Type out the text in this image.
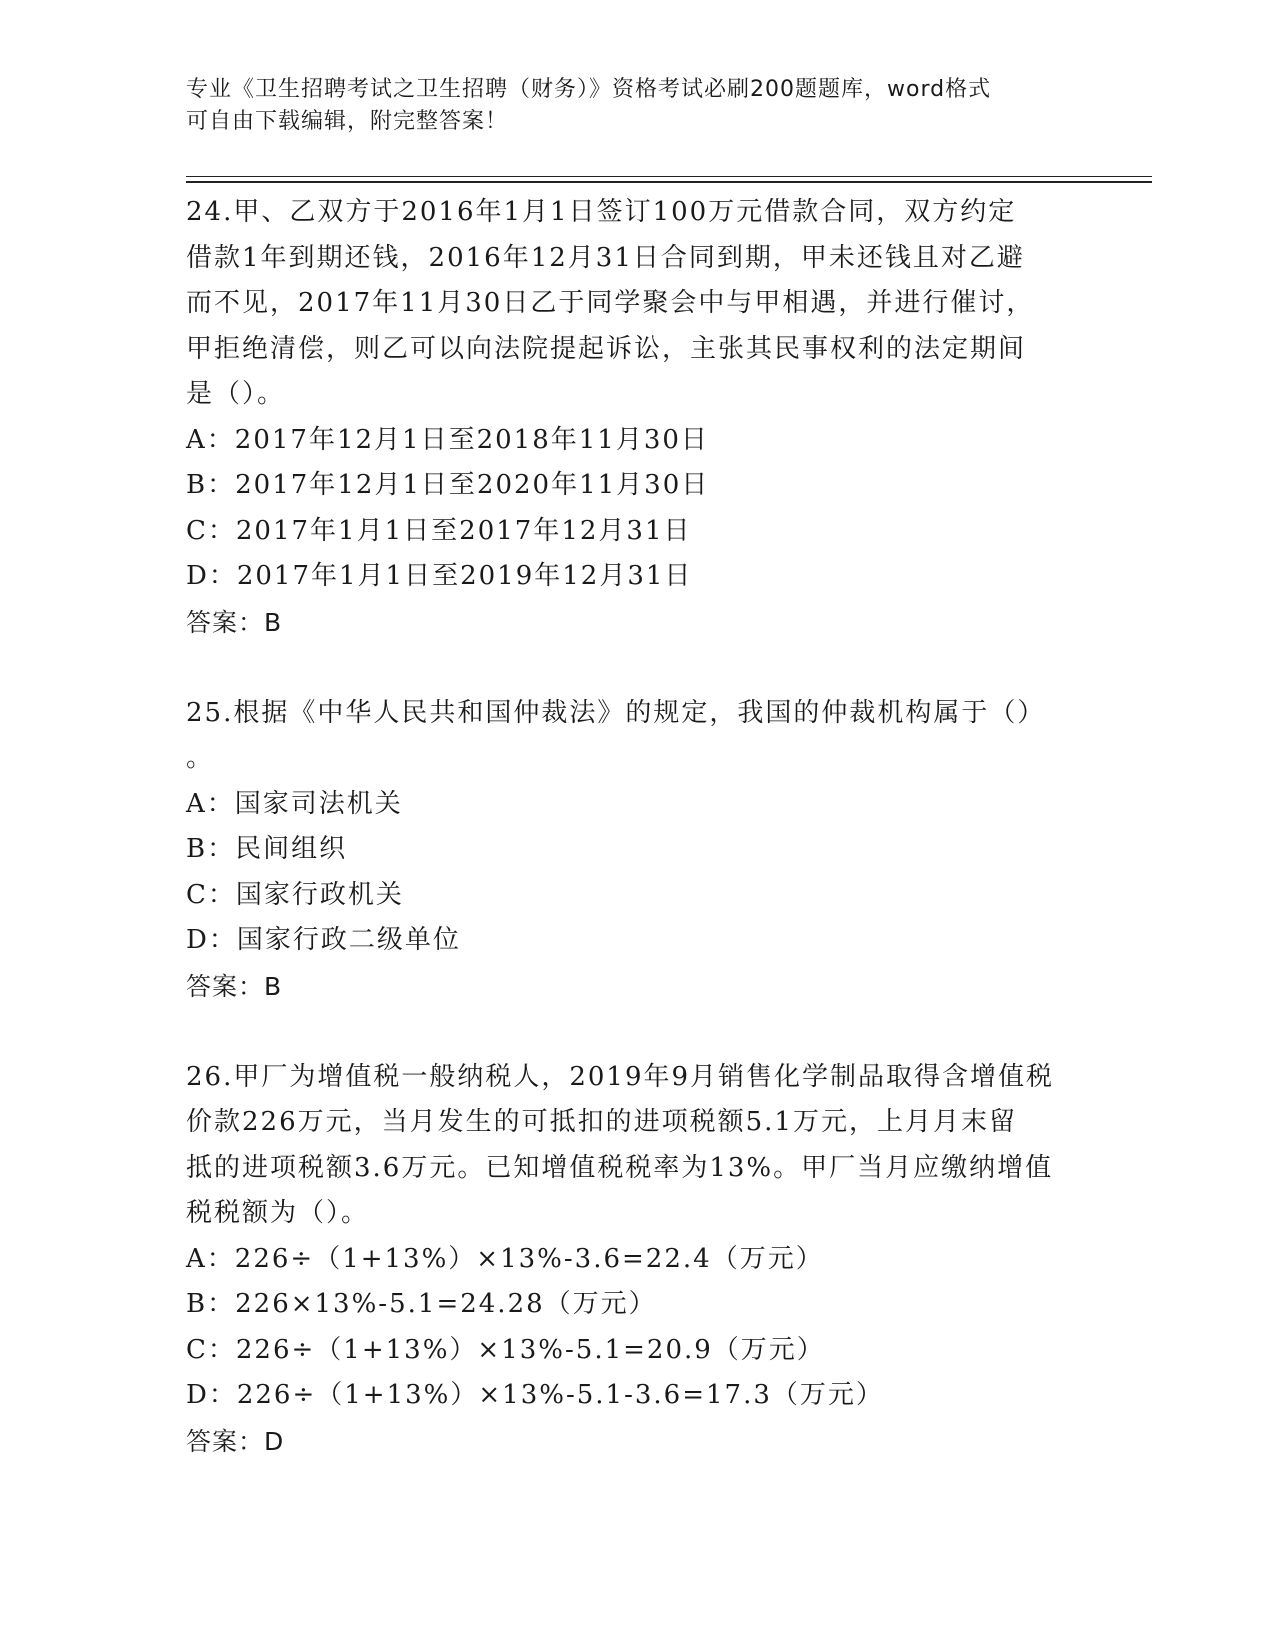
专业《卫生招聘考试之卫生招聘（财务）》资格考试必刷200题题库，word格式
可自由下载编辑，附完整答案！
24.甲、乙双方于2016年1月1日签订100万元借款合同，双方约定
借款1年到期还钱，2016年12月31日合同到期，甲未还钱且对乙避
而不见，2017年11月30日乙于同学聚会中与甲相遇，并进行催讨，
甲拒绝清偿，则乙可以向法院提起诉讼，主张其民事权利的法定期间
是（）。
A：2017年12月1日至2018年11月30日
B：2017年12月1日至2020年11月30日
C：2017年1月1日至2017年12月31日
D：2017年1月1日至2019年12月31日
答案：B
25.根据《中华人民共和国仲裁法》的规定，我国的仲裁机构属于（）
。
A：国家司法机关
B：民间组织
C：国家行政机关
D：国家行政二级单位
答案：B
26.甲厂为增值税一般纳税人，2019年9月销售化学制品取得含增值税
价款226万元，当月发生的可抵扣的进项税额5.1万元，上月月末留
抵的进项税额3.6万元。已知增值税税率为13%。甲厂当月应缴纳增值
税税额为（）。
A：226÷（1+13%）×13%-3.6=22.4（万元）
B：226×13%-5.1=24.28（万元）
C：226÷（1+13%）×13%-5.1=20.9（万元）
D：226÷（1+13%）×13%-5.1-3.6=17.3（万元）
答案：D
